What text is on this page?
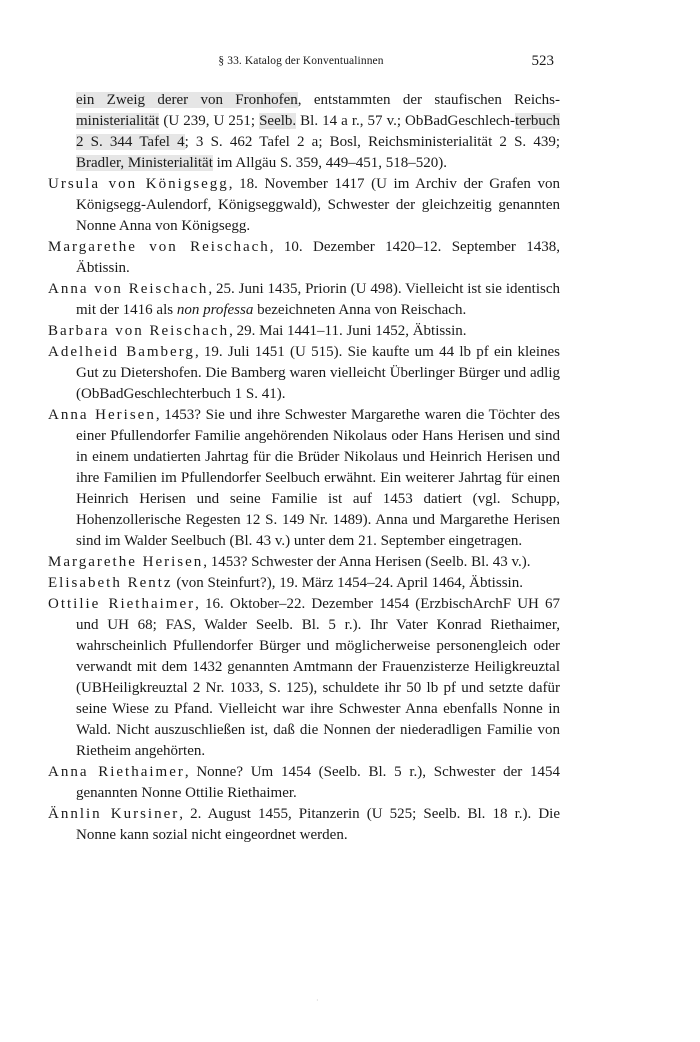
§ 33. Katalog der Konventualinnen	523

ein Zweig derer von Fronhofen, entstammten der staufischen Reichs-ministerialität (U 239, U 251; Seelb. Bl. 14 a r., 57 v.; ObBadGeschlech-terbuch 2 S. 344 Tafel 4; 3 S. 462 Tafel 2 a; Bosl, Reichsministerialität 2 S. 439; Bradler, Ministerialität im Allgäu S. 359, 449–451, 518–520).

Ursula von Königsegg, 18. November 1417 (U im Archiv der Grafen von Königsegg-Aulendorf, Königseggwald), Schwester der gleichzeitig genannten Nonne Anna von Königsegg.

Margarethe von Reischach, 10. Dezember 1420–12. September 1438, Äbtissin.

Anna von Reischach, 25. Juni 1435, Priorin (U 498). Vielleicht ist sie identisch mit der 1416 als non professa bezeichneten Anna von Reischach.

Barbara von Reischach, 29. Mai 1441–11. Juni 1452, Äbtissin.

Adelheid Bamberg, 19. Juli 1451 (U 515). Sie kaufte um 44 lb pf ein kleines Gut zu Dietershofen. Die Bamberg waren vielleicht Überlinger Bürger und adlig (ObBadGeschlechterbuch 1 S. 41).

Anna Herisen, 1453? Sie und ihre Schwester Margarethe waren die Töchter des einer Pfullendorfer Familie angehörenden Nikolaus oder Hans Herisen und sind in einem undatierten Jahrtag für die Brüder Nikolaus und Heinrich Herisen und ihre Familien im Pfullendorfer Seelbuch erwähnt. Ein weiterer Jahrtag für einen Heinrich Herisen und seine Familie ist auf 1453 datiert (vgl. Schupp, Hohenzollerische Regesten 12 S. 149 Nr. 1489). Anna und Margarethe Herisen sind im Walder Seelbuch (Bl. 43 v.) unter dem 21. September eingetragen.

Margarethe Herisen, 1453? Schwester der Anna Herisen (Seelb. Bl. 43 v.).

Elisabeth Rentz (von Steinfurt?), 19. März 1454–24. April 1464, Äbtissin.

Ottilie Riethaimer, 16. Oktober–22. Dezember 1454 (ErzbischArchF UH 67 und UH 68; FAS, Walder Seelb. Bl. 5 r.). Ihr Vater Konrad Riethaimer, wahrscheinlich Pfullendorfer Bürger und möglicherweise personengleich oder verwandt mit dem 1432 genannten Amtmann der Frauenzisterze Heiligkreuztal (UBHeiligkreuztal 2 Nr. 1033, S. 125), schuldete ihr 50 lb pf und setzte dafür seine Wiese zu Pfand. Vielleicht war ihre Schwester Anna ebenfalls Nonne in Wald. Nicht auszuschließen ist, daß die Nonnen der niederadligen Familie von Rietheim angehörten.

Anna Riethaimer, Nonne? Um 1454 (Seelb. Bl. 5 r.), Schwester der 1454 genannten Nonne Ottilie Riethaimer.

Ännlin Kursiner, 2. August 1455, Pitanzerin (U 525; Seelb. Bl. 18 r.). Die Nonne kann sozial nicht eingeordnet werden.

·
